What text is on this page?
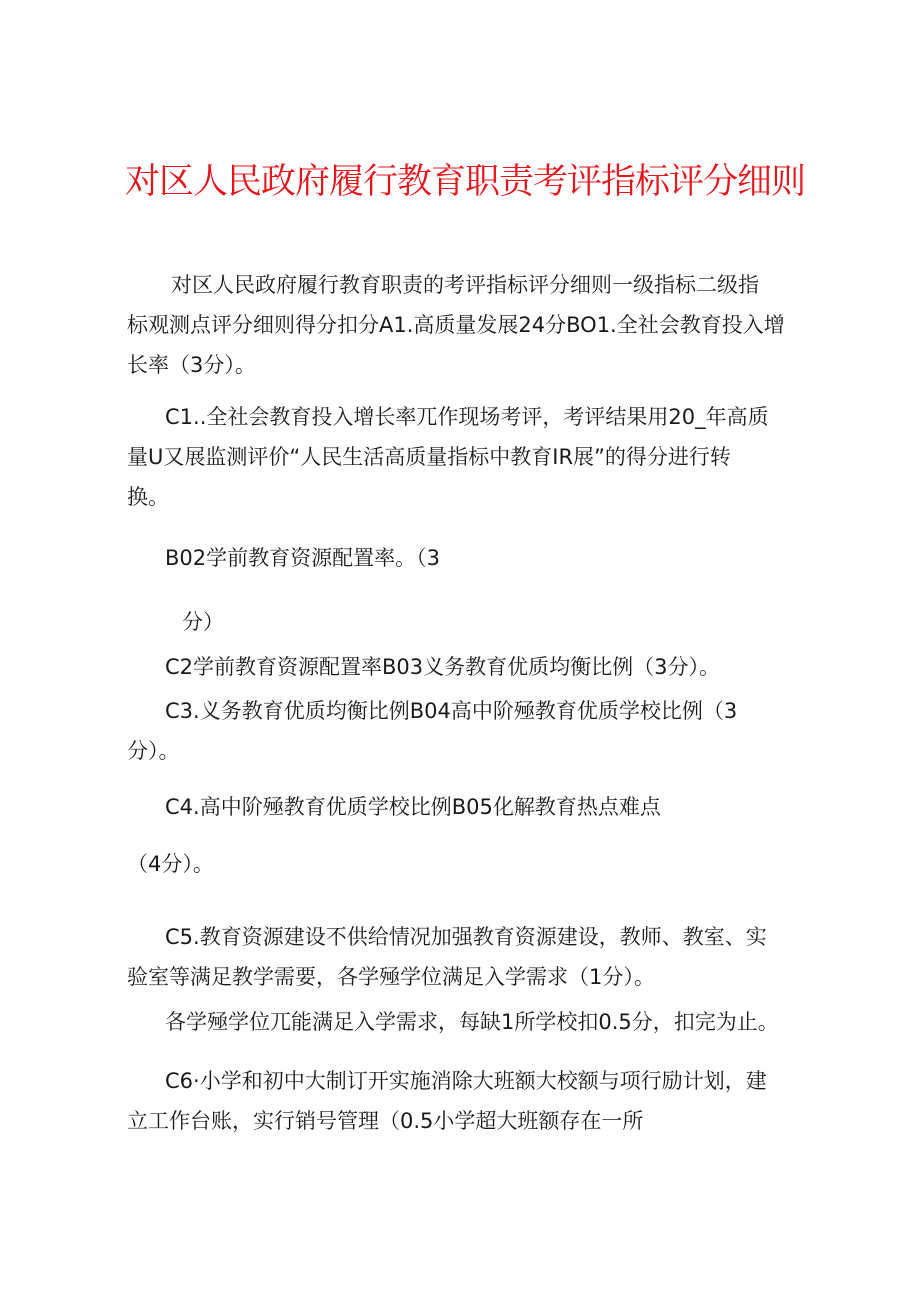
对区人民政府履行教育职责考评指标评分细则
对区人民政府履行教育职责的考评指标评分细则一级指标二级指
标观测点评分细则得分扣分A1.高质量发展24分BO1.全社会教育投入增
长率（3分）。
C1..全社会教育投入增长率兀作现场考评，考评结果用20_年高质
量U又展监测评价“人民生活高质量指标中教育IR展”的得分进行转
换。
B02学前教育资源配置率。（3
分）
C2学前教育资源配置率B03义务教育优质均衡比例（3分）。
C3.义务教育优质均衡比例B04高中阶殛教育优质学校比例（3
分）。
C4.高中阶殛教育优质学校比例B05化解教育热点难点
（4分）。
C5.教育资源建设不供给情况加强教育资源建设，教师、教室、实
验室等满足教学需要，各学殛学位满足入学需求（1分）。
各学殛学位兀能满足入学需求，每缺1所学校扣0.5分，扣完为止。
C6·小学和初中大制订开实施消除大班额大校额与项行励计划，建
立工作台账，实行销号管理（0.5小学超大班额存在一所
